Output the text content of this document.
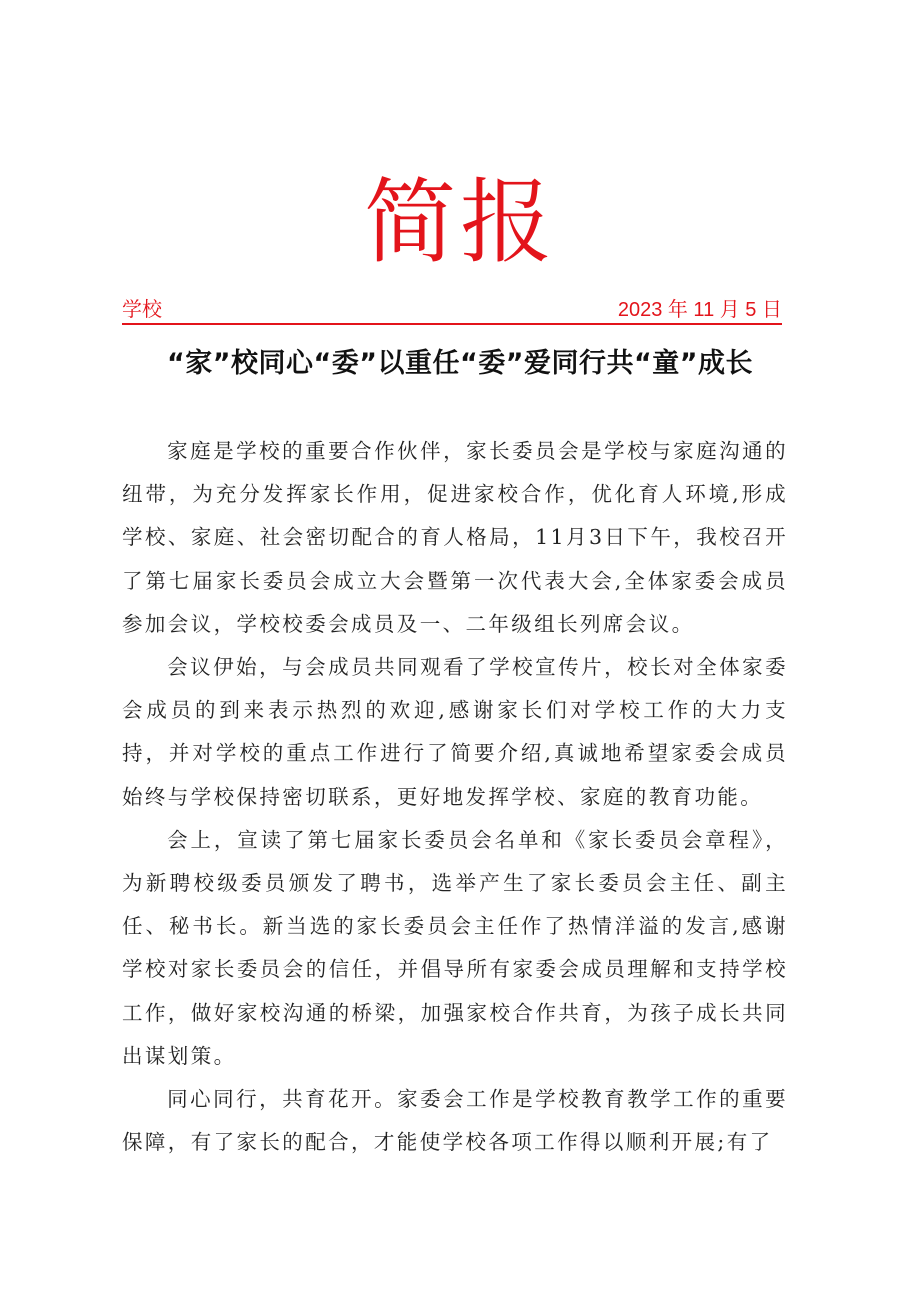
简报
学校	2023 年 11 月 5 日
“家”校同心“委”以重任“委”爱同行共“童”成长

家庭是学校的重要合作伙伴，家长委员会是学校与家庭沟通的纽带，为充分发挥家长作用，促进家校合作，优化育人环境,形成学校、家庭、社会密切配合的育人格局，11月3日下午，我校召开了第七届家长委员会成立大会暨第一次代表大会,全体家委会成员参加会议，学校校委会成员及一、二年级组长列席会议。

会议伊始，与会成员共同观看了学校宣传片，校长对全体家委会成员的到来表示热烈的欢迎,感谢家长们对学校工作的大力支持，并对学校的重点工作进行了简要介绍,真诚地希望家委会成员始终与学校保持密切联系，更好地发挥学校、家庭的教育功能。

会上，宣读了第七届家长委员会名单和《家长委员会章程》，为新聘校级委员颁发了聘书，选举产生了家长委员会主任、副主任、秘书长。新当选的家长委员会主任作了热情洋溢的发言,感谢学校对家长委员会的信任，并倡导所有家委会成员理解和支持学校工作，做好家校沟通的桥梁，加强家校合作共育，为孩子成长共同出谋划策。

同心同行，共育花开。家委会工作是学校教育教学工作的重要保障，有了家长的配合，才能使学校各项工作得以顺利开展;有了
